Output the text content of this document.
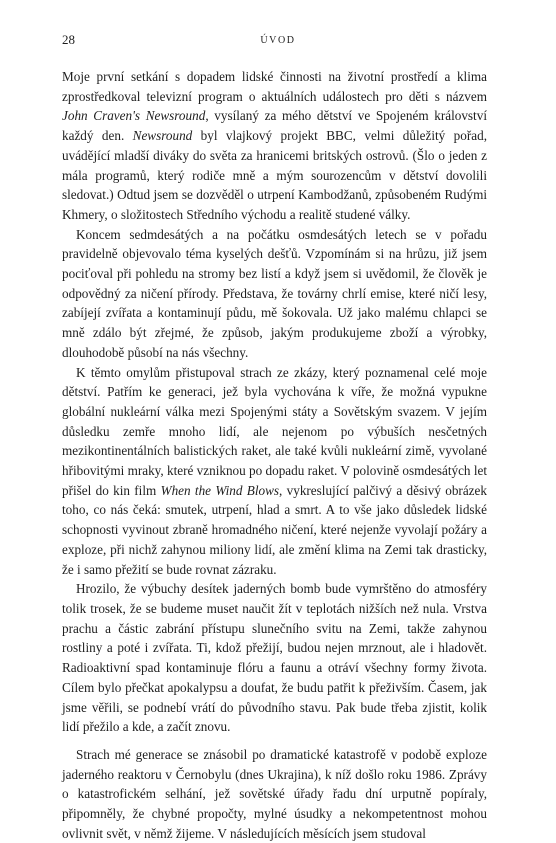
28	ÚVOD

Moje první setkání s dopadem lidské činnosti na životní prostředí a klima zprostředkoval televizní program o aktuálních událostech pro děti s názvem John Craven's Newsround, vysílaný za mého dětství ve Spojeném království každý den. Newsround byl vlajkový projekt BBC, velmi důležitý pořad, uvádějící mladší diváky do světa za hranicemi britských ostrovů. (Šlo o jeden z mála programů, který rodiče mně a mým sourozencům v dětství dovolili sledovat.) Odtud jsem se dozvěděl o utrpení Kambodžanů, způsobeném Rudými Khmery, o složitostech Středního východu a realitě studené války.

Koncem sedmdesátých a na počátku osmdesátých letech se v pořadu pravidelně objevovalo téma kyselých dešťů. Vzpomínám si na hrůzu, již jsem pociťoval při pohledu na stromy bez listí a když jsem si uvědomil, že člověk je odpovědný za ničení přírody. Představa, že továrny chrlí emise, které ničí lesy, zabíjejí zvířata a kontaminují půdu, mě šokovala. Už jako malému chlapci se mně zdálo být zřejmé, že způsob, jakým produkujeme zboží a výrobky, dlouhodobě působí na nás všechny.

K těmto omylům přistupoval strach ze zkázy, který poznamenal celé moje dětství. Patřím ke generaci, jež byla vychována k víře, že možná vypukne globální nukleární válka mezi Spojenými státy a Sovětským svazem. V jejím důsledku zemře mnoho lidí, ale nejenom po výbuších nesčetných mezikontinentálních balistických raket, ale také kvůli nukleární zimě, vyvolané hřibovitými mraky, které vzniknou po dopadu raket. V polovině osmdesátých let přišel do kin film When the Wind Blows, vykreslující palčivý a děsivý obrázek toho, co nás čeká: smutek, utrpení, hlad a smrt. A to vše jako důsledek lidské schopnosti vyvinout zbraně hromadného ničení, které nejenže vyvolají požáry a exploze, při nichž zahynou miliony lidí, ale změní klima na Zemi tak drasticky, že i samo přežití se bude rovnat zázraku.

Hrozilo, že výbuchy desítek jaderných bomb bude vymrštěno do atmosféry tolik trosek, že se budeme muset naučit žít v teplotách nižších než nula. Vrstva prachu a částic zabrání přístupu slunečního svitu na Zemi, takže zahynou rostliny a poté i zvířata. Ti, kdož přežijí, budou nejen mrznout, ale i hladovět. Radioaktivní spad kontaminuje flóru a faunu a otráví všechny formy života. Cílem bylo přečkat apokalypsu a doufat, že budu patřit k přeživším. Časem, jak jsme věřili, se podnebí vrátí do původního stavu. Pak bude třeba zjistit, kolik lidí přežilo a kde, a začít znovu.

Strach mé generace se znásobil po dramatické katastrofě v podobě exploze jaderného reaktoru v Černobylu (dnes Ukrajina), k níž došlo roku 1986. Zprávy o katastrofickém selhání, jež sovětské úřady řadu dní urputně popíraly, připomněly, že chybné propočty, mylné úsudky a nekompetentnost mohou ovlivnit svět, v němž žijeme. V následujících měsících jsem studoval
